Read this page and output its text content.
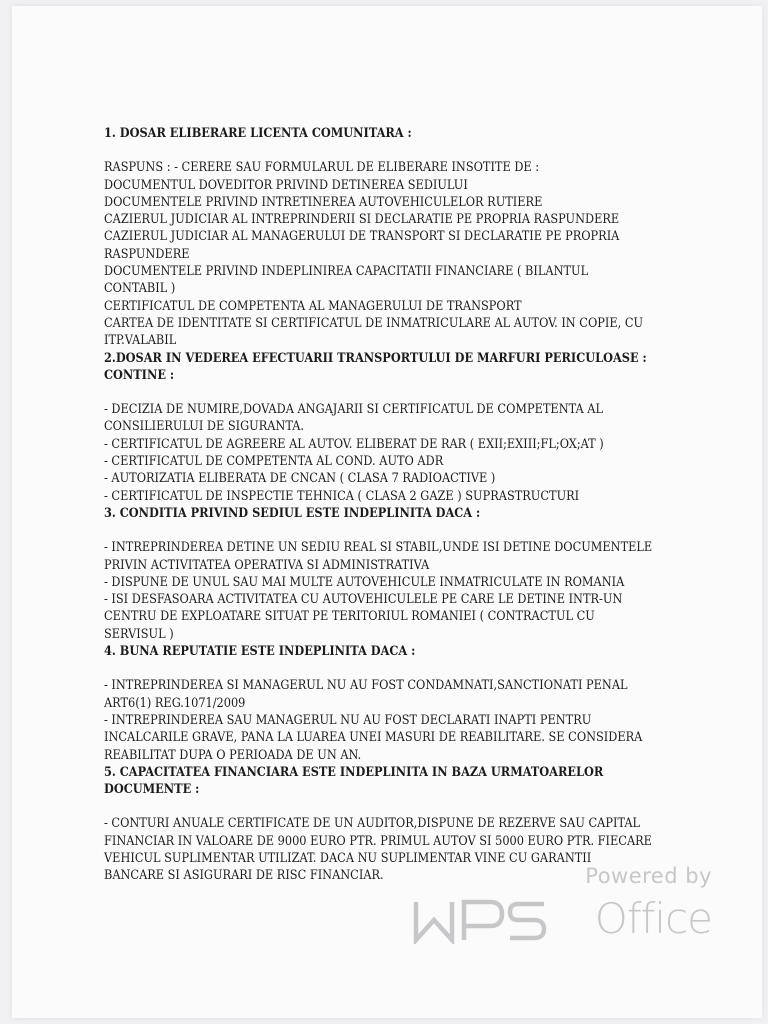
1. DOSAR ELIBERARE LICENTA COMUNITARA :
RASPUNS : - CERERE SAU FORMULARUL DE ELIBERARE INSOTITE DE :
DOCUMENTUL DOVEDITOR PRIVIND DETINEREA SEDIULUI
DOCUMENTELE PRIVIND INTRETINEREA AUTOVEHICULELOR RUTIERE
CAZIERUL JUDICIAR AL INTREPRINDERII SI DECLARATIE PE PROPRIA RASPUNDERE
CAZIERUL JUDICIAR AL MANAGERULUI DE TRANSPORT SI DECLARATIE PE PROPRIA
RASPUNDERE
DOCUMENTELE PRIVIND INDEPLINIREA CAPACITATII FINANCIARE ( BILANTUL
CONTABIL )
CERTIFICATUL DE COMPETENTA AL MANAGERULUI DE TRANSPORT
CARTEA DE IDENTITATE SI CERTIFICATUL DE INMATRICULARE AL AUTOV. IN COPIE, CU
ITP.VALABIL
2.DOSAR IN VEDEREA EFECTUARII TRANSPORTULUI DE MARFURI PERICULOASE :
CONTINE :
- DECIZIA DE NUMIRE,DOVADA ANGAJARII SI CERTIFICATUL DE COMPETENTA AL
CONSILIERULUI DE SIGURANTA.
- CERTIFICATUL DE AGREERE AL AUTOV. ELIBERAT DE RAR ( EXII;EXIII;FL;OX;AT )
- CERTIFICATUL DE COMPETENTA AL COND. AUTO ADR
- AUTORIZATIA ELIBERATA DE CNCAN ( CLASA 7 RADIOACTIVE )
- CERTIFICATUL DE INSPECTIE TEHNICA ( CLASA 2 GAZE ) SUPRASTRUCTURI
3. CONDITIA PRIVIND SEDIUL ESTE INDEPLINITA DACA :
- INTREPRINDEREA DETINE UN SEDIU REAL SI STABIL,UNDE ISI DETINE DOCUMENTELE
PRIVIN ACTIVITATEA OPERATIVA SI ADMINISTRATIVA
- DISPUNE DE UNUL SAU MAI MULTE AUTOVEHICULE INMATRICULATE IN ROMANIA
- ISI DESFASOARA ACTIVITATEA CU AUTOVEHICULELE PE CARE LE DETINE INTR-UN
CENTRU DE EXPLOATARE SITUAT PE TERITORIUL ROMANIEI ( CONTRACTUL CU
SERVISUL )
4. BUNA REPUTATIE ESTE INDEPLINITA DACA :
- INTREPRINDEREA SI MANAGERUL NU AU FOST CONDAMNATI,SANCTIONATI PENAL
ART6(1) REG.1071/2009
- INTREPRINDEREA SAU MANAGERUL NU AU FOST DECLARATI INAPTI PENTRU
INCALCARILE GRAVE, PANA LA LUAREA UNEI MASURI DE REABILITARE. SE CONSIDERA
REABILITAT DUPA O PERIOADA DE UN AN.
5. CAPACITATEA FINANCIARA ESTE INDEPLINITA IN BAZA URMATOARELOR
DOCUMENTE :
- CONTURI ANUALE CERTIFICATE DE UN AUDITOR,DISPUNE DE REZERVE SAU CAPITAL
FINANCIAR IN VALOARE DE 9000 EURO PTR. PRIMUL AUTOV SI 5000 EURO PTR. FIECARE
VEHICUL SUPLIMENTAR UTILIZAT. DACA NU SUPLIMENTAR VINE CU GARANTII
BANCARE SI ASIGURARI DE RISC FINANCIAR.	Powered by
Office
